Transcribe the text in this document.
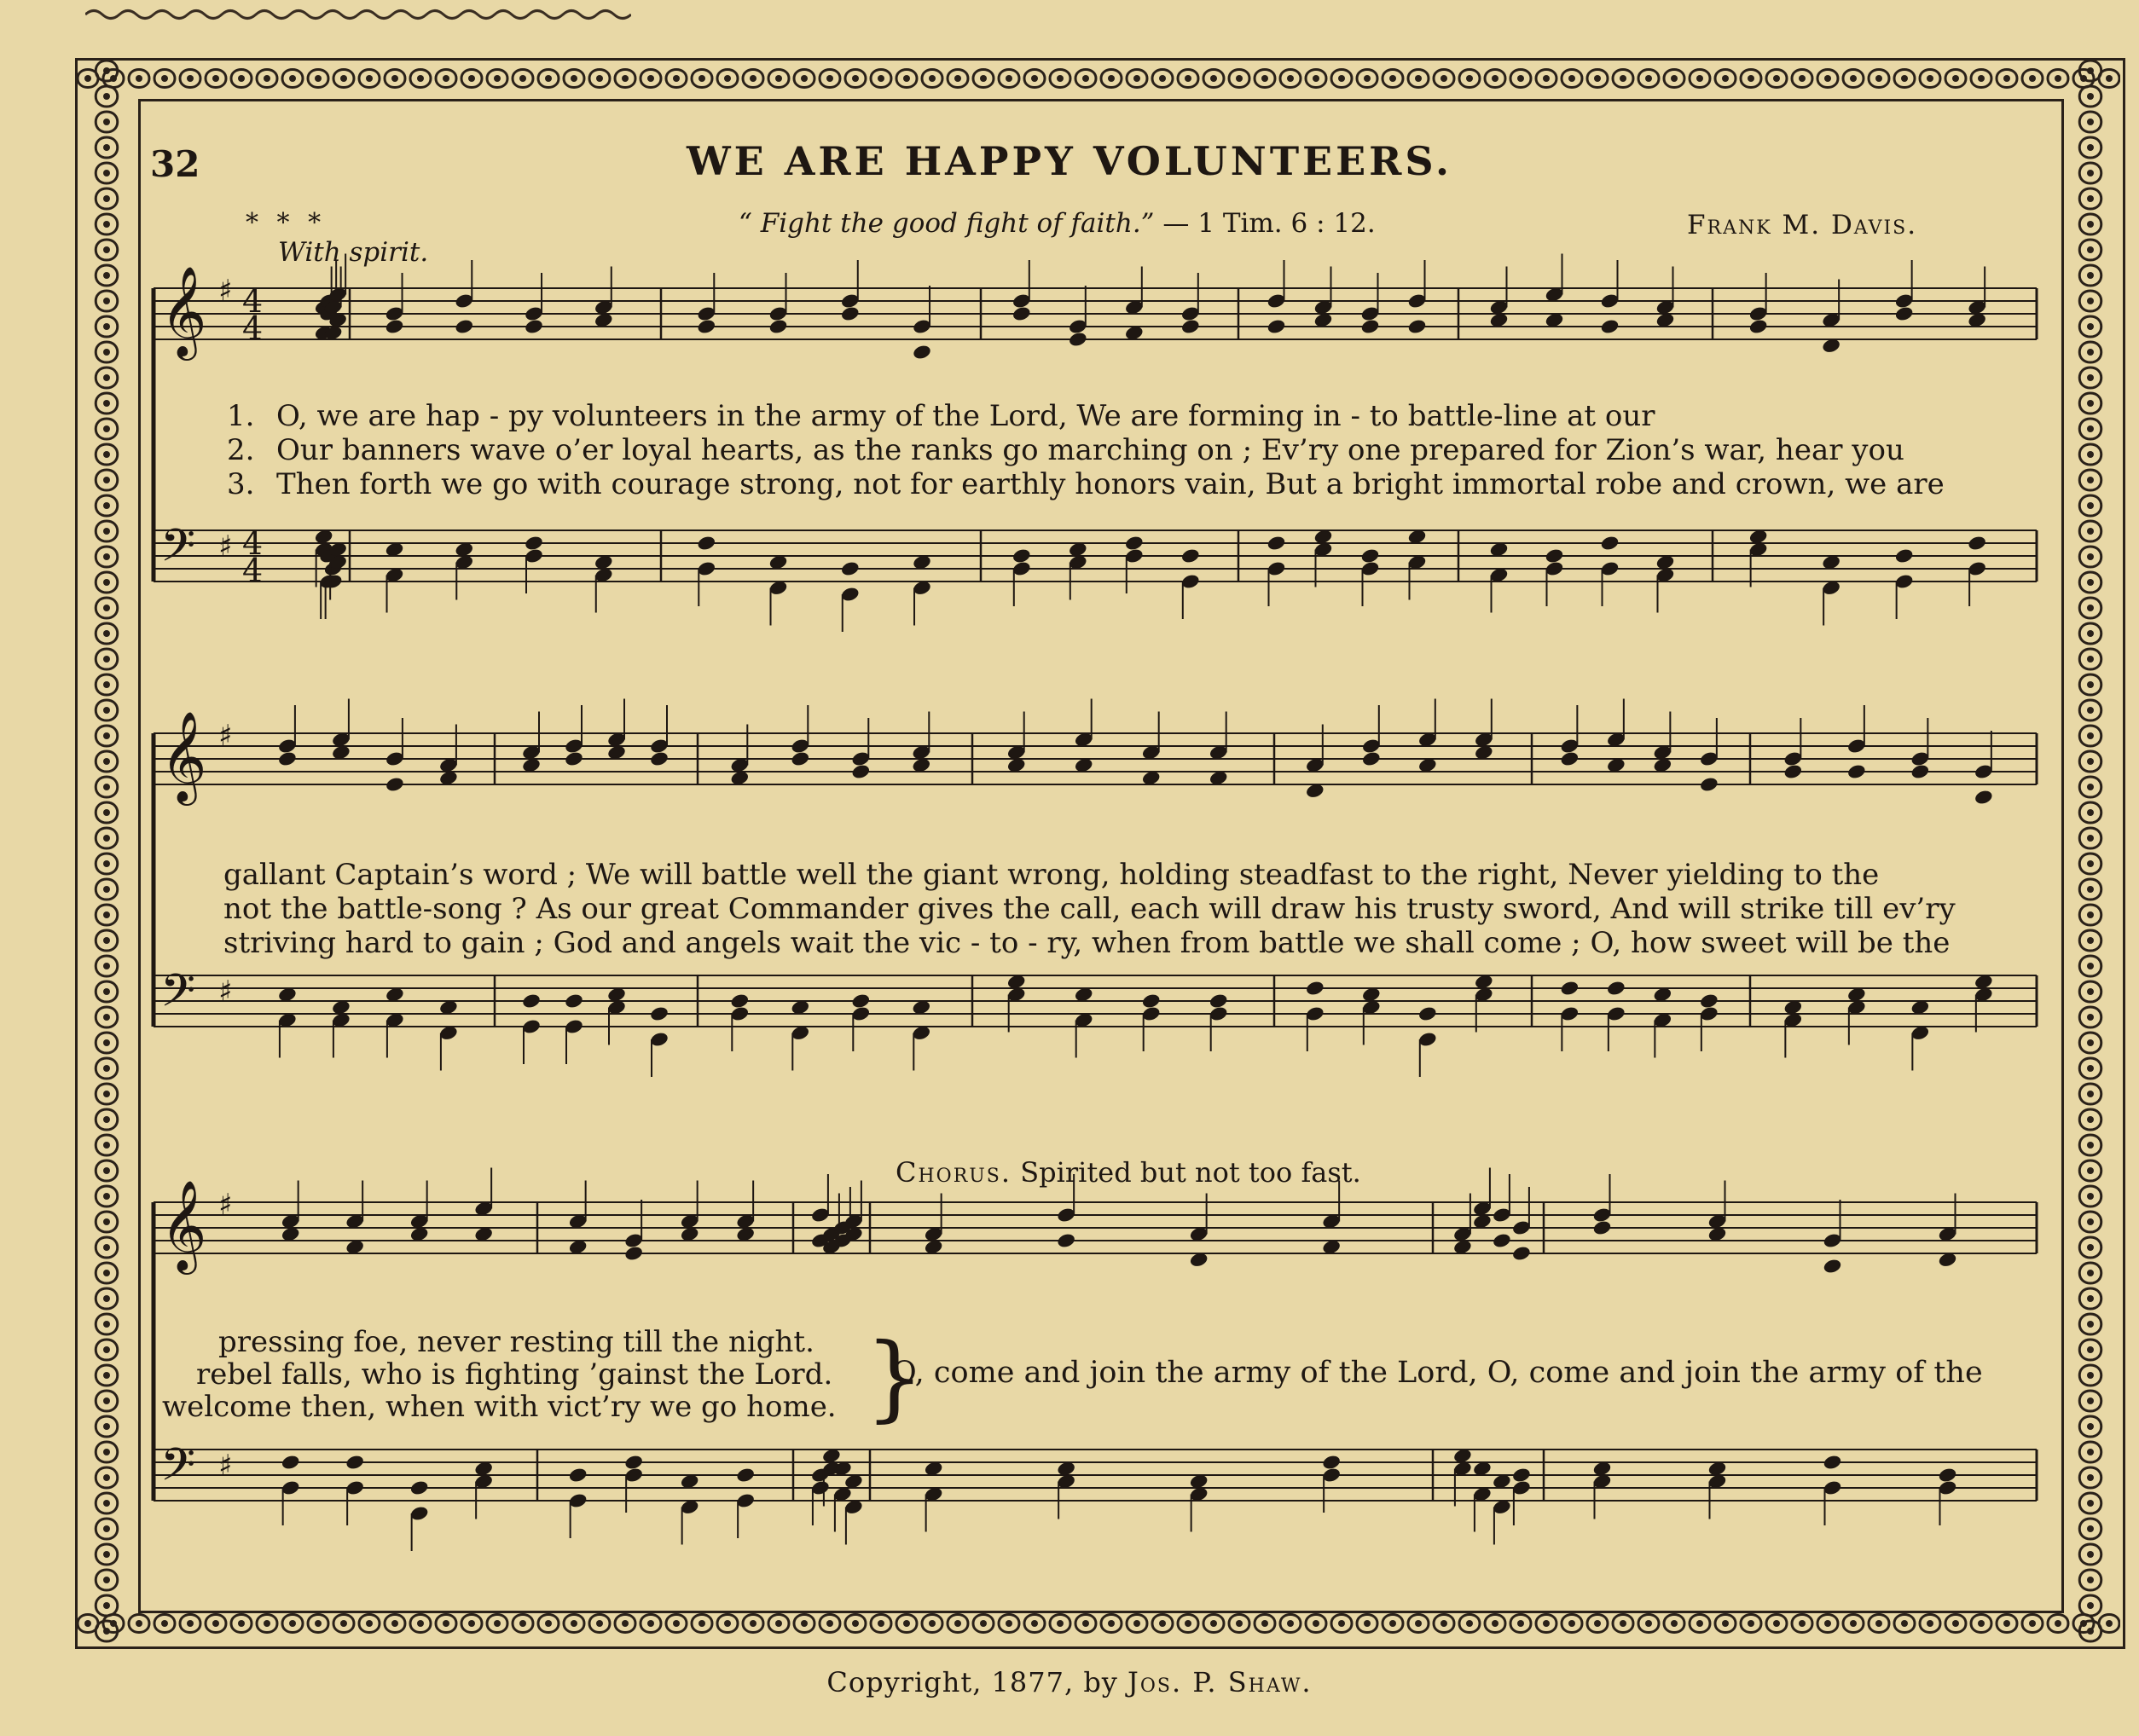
32	WE ARE HAPPY VOLUNTEERS.
* * *
With spirit.
“ Fight the good fight of faith.” — 1 Tim. 6 : 12.	Frank M. Davis.
𝄞 ♯ 4
4
𝄢 ♯ 4
4
𝄞 ♯
𝄢 ♯
𝄞 ♯
𝄢 ♯
1. O, we are hap - py volunteers in the army of the Lord, We are forming in - to battle-line at our
2. Our banners wave o’er loyal hearts, as the ranks go marching on ; Ev’ry one prepared for Zion’s war, hear you
3. Then forth we go with courage strong, not for earthly honors vain, But a bright immortal robe and crown, we are
gallant Captain’s word ; We will battle well the giant wrong, holding steadfast to the right, Never yielding to the
not the battle-song ? As our great Commander gives the call, each will draw his trusty sword, And will strike till ev’ry
striving hard to gain ; God and angels wait the vic - to - ry, when from battle we shall come ; O, how sweet will be the
pressing foe, never resting till the night.
rebel falls, who is fighting ’gainst the Lord.
welcome then, when with vict’ry we go home. }
Chorus. Spirited but not too fast.
O, come and join the army of the Lord, O, come and join the army of the
Copyright, 1877, by Jos. P. Shaw.
